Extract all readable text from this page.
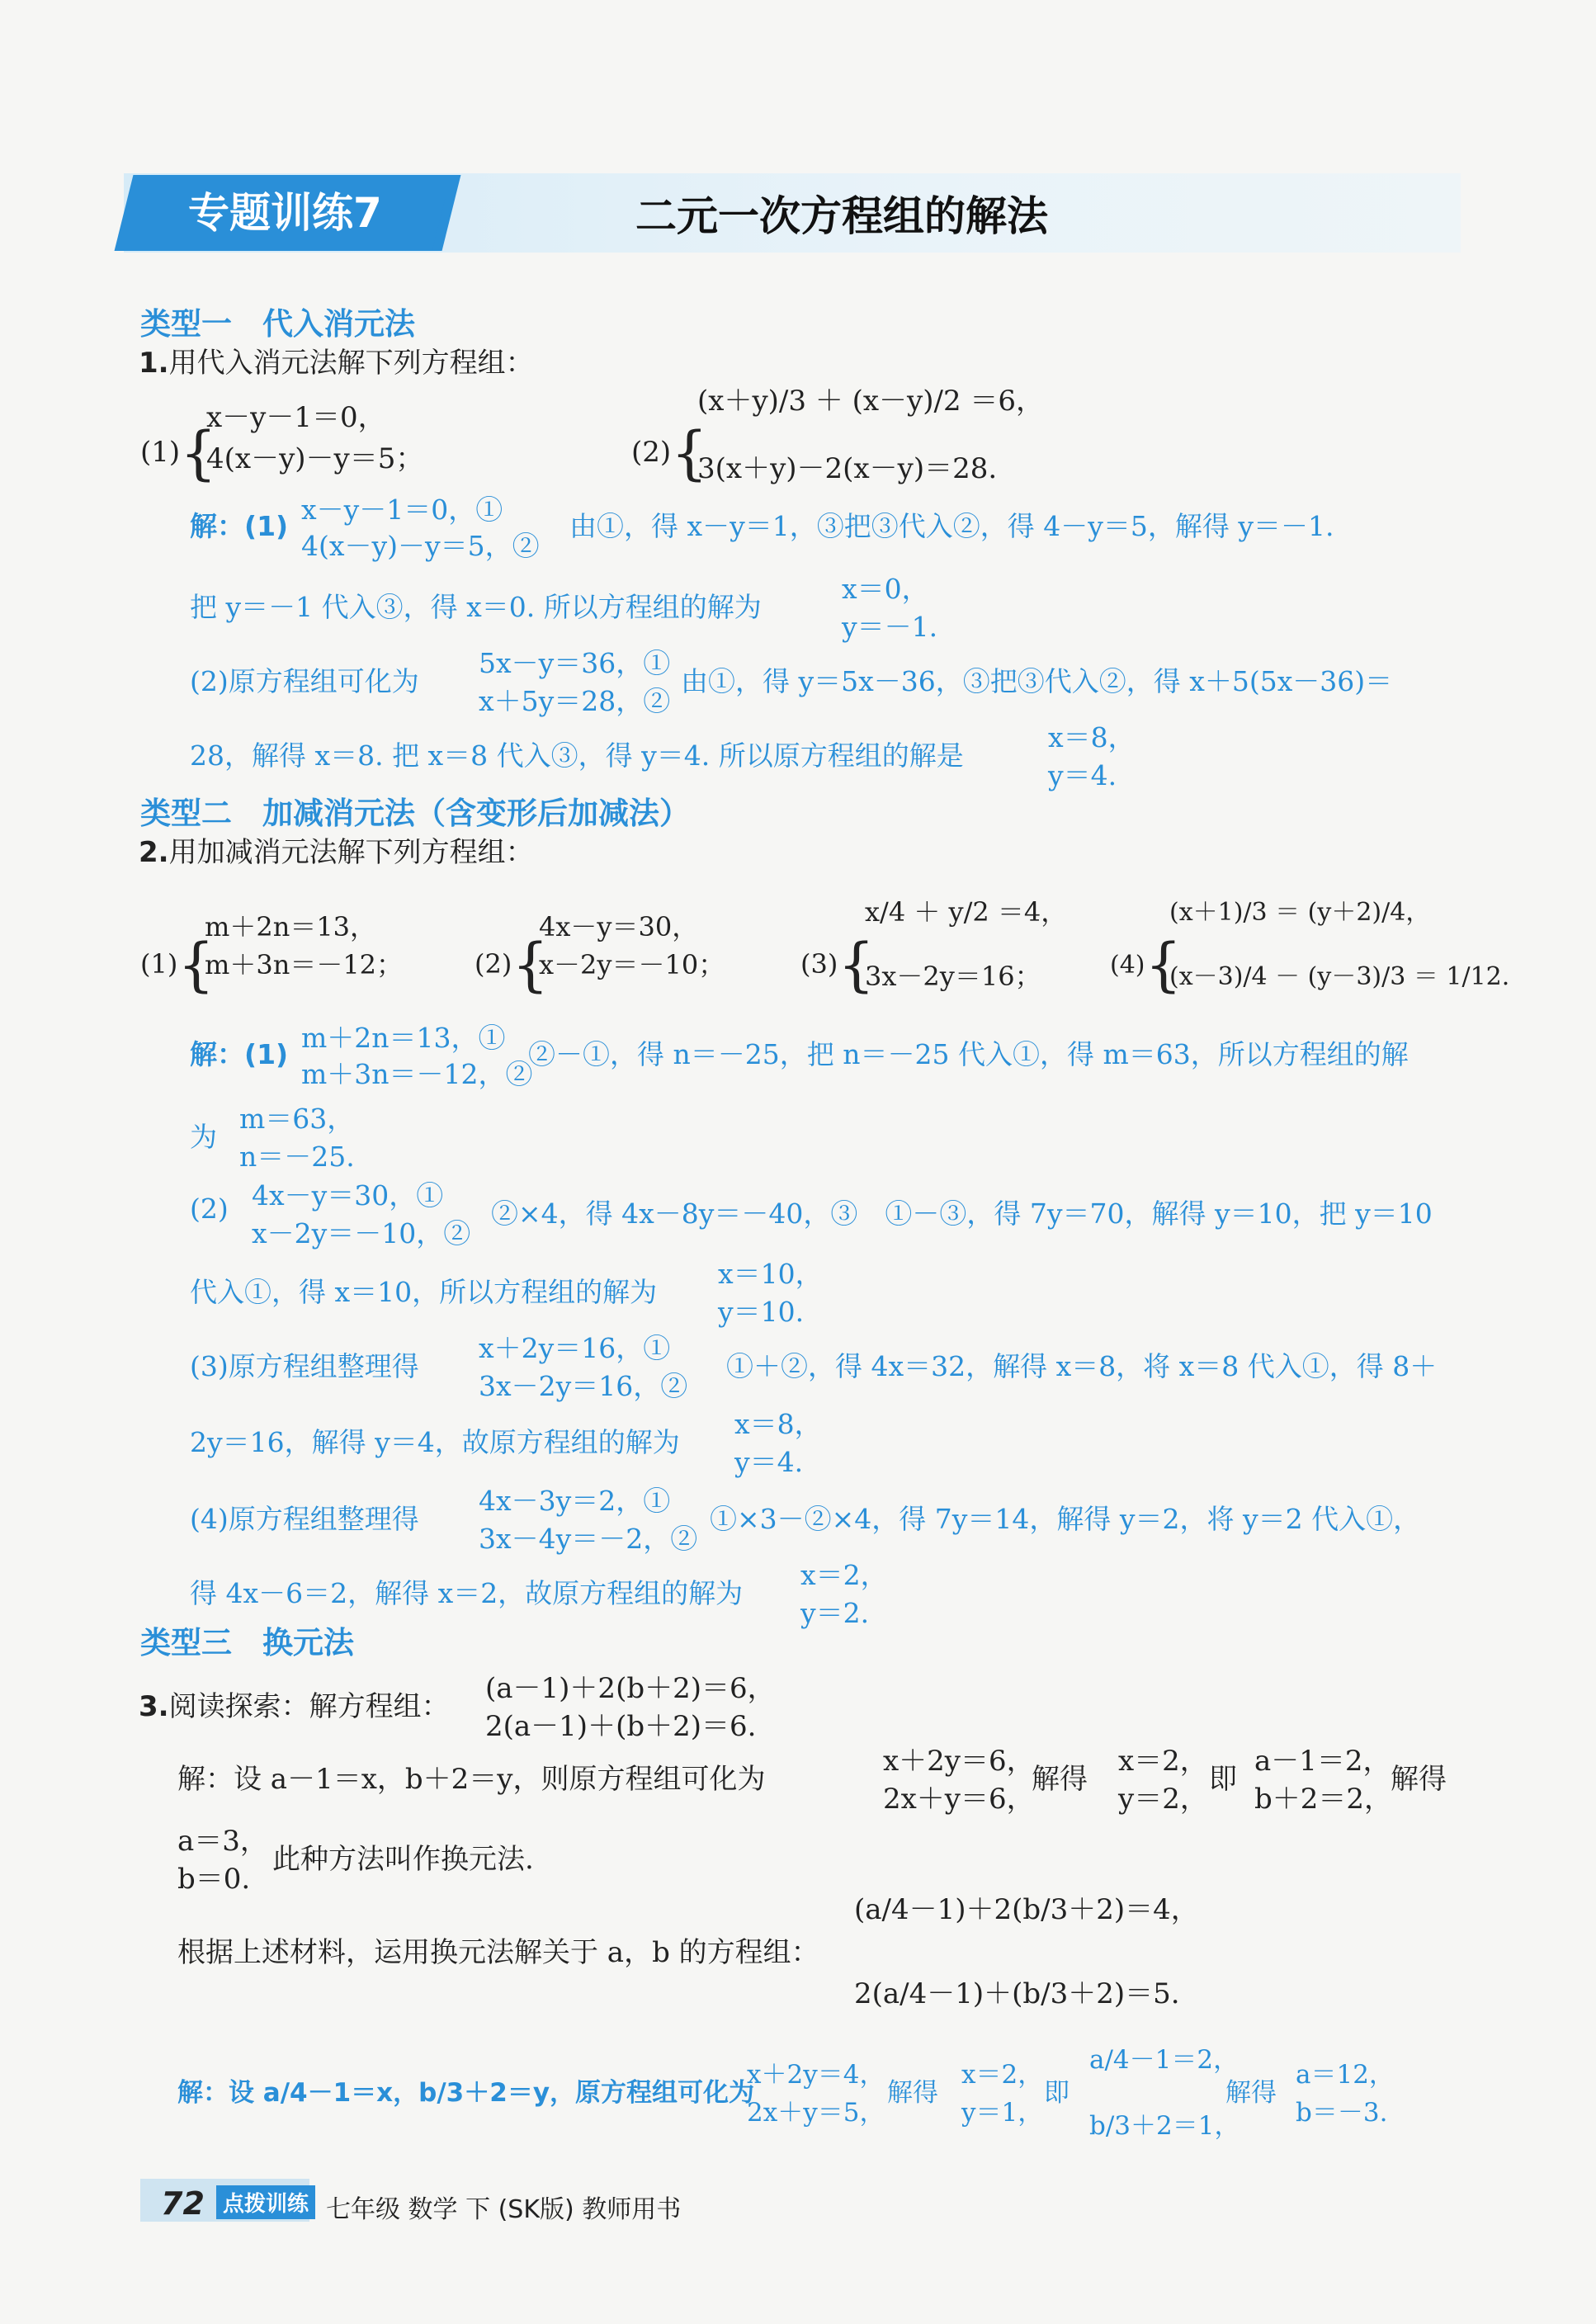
专题训练7	二元一次方程组的解法
类型一　代入消元法
1.用代入消元法解下列方程组：
(1){
x－y－1＝0，
4(x－y)－y＝5；	(2){
(x＋y)/3 ＋ (x－y)/2 ＝6，
3(x＋y)－2(x－y)＝28.
解：(1)
x－y－1＝0，①
4(x－y)－y＝5，②
由①，得 x－y＝1，③把③代入②，得 4－y＝5，解得 y＝－1.
把 y＝－1 代入③，得 x＝0. 所以方程组的解为
x＝0，
y＝－1.
(2)原方程组可化为
5x－y＝36，①
x＋5y＝28，②
由①，得 y＝5x－36，③把③代入②，得 x＋5(5x－36)＝
28，解得 x＝8. 把 x＝8 代入③，得 y＝4. 所以原方程组的解是
x＝8，
y＝4.
类型二　加减消元法（含变形后加减法）
2.用加减消元法解下列方程组：
(1){
m＋2n＝13，
m＋3n＝－12；	(2){
4x－y＝30，
x－2y＝－10；	(3){
x/4 ＋ y/2 ＝4，
3x－2y＝16；	(4){
(x＋1)/3 ＝ (y＋2)/4，
(x－3)/4 － (y－3)/3 ＝ 1/12.
解：(1)
m＋2n＝13，①
m＋3n＝－12，②
②－①，得 n＝－25，把 n＝－25 代入①，得 m＝63，所以方程组的解
为
m＝63，
n＝－25.
(2) 4x－y＝30，①
x－2y＝－10，②
②×4，得 4x－8y＝－40，③　①－③，得 7y＝70，解得 y＝10，把 y＝10
代入①，得 x＝10，所以方程组的解为
x＝10，
y＝10.
(3)原方程组整理得
x＋2y＝16，①
3x－2y＝16，②
①＋②，得 4x＝32，解得 x＝8，将 x＝8 代入①，得 8＋
2y＝16，解得 y＝4，故原方程组的解为
x＝8，
y＝4.
(4)原方程组整理得
4x－3y＝2，①
3x－4y＝－2，②
①×3－②×4，得 7y＝14，解得 y＝2，将 y＝2 代入①，
得 4x－6＝2，解得 x＝2，故原方程组的解为
x＝2，
y＝2.
类型三　换元法
3.阅读探索：解方程组：
(a－1)＋2(b＋2)＝6，
2(a－1)＋(b＋2)＝6.
解：设 a－1＝x，b＋2＝y，则原方程组可化为
x＋2y＝6，
2x＋y＝6，
解得
x＝2，
y＝2，
即
a－1＝2，
b＋2＝2，
解得
a＝3，
b＝0.
此种方法叫作换元法.
根据上述材料，运用换元法解关于 a，b 的方程组：
(a/4－1)＋2(b/3＋2)＝4，
2(a/4－1)＋(b/3＋2)＝5.
解：设 a/4－1＝x，b/3＋2＝y，原方程组可化为
x＋2y＝4，
2x＋y＝5，
解得
x＝2，
y＝1，
即
a/4－1＝2，
b/3＋2＝1，
解得
a＝12，
b＝－3.
72 点拨训练 七年级 数学 下 (SK版) 教师用书
